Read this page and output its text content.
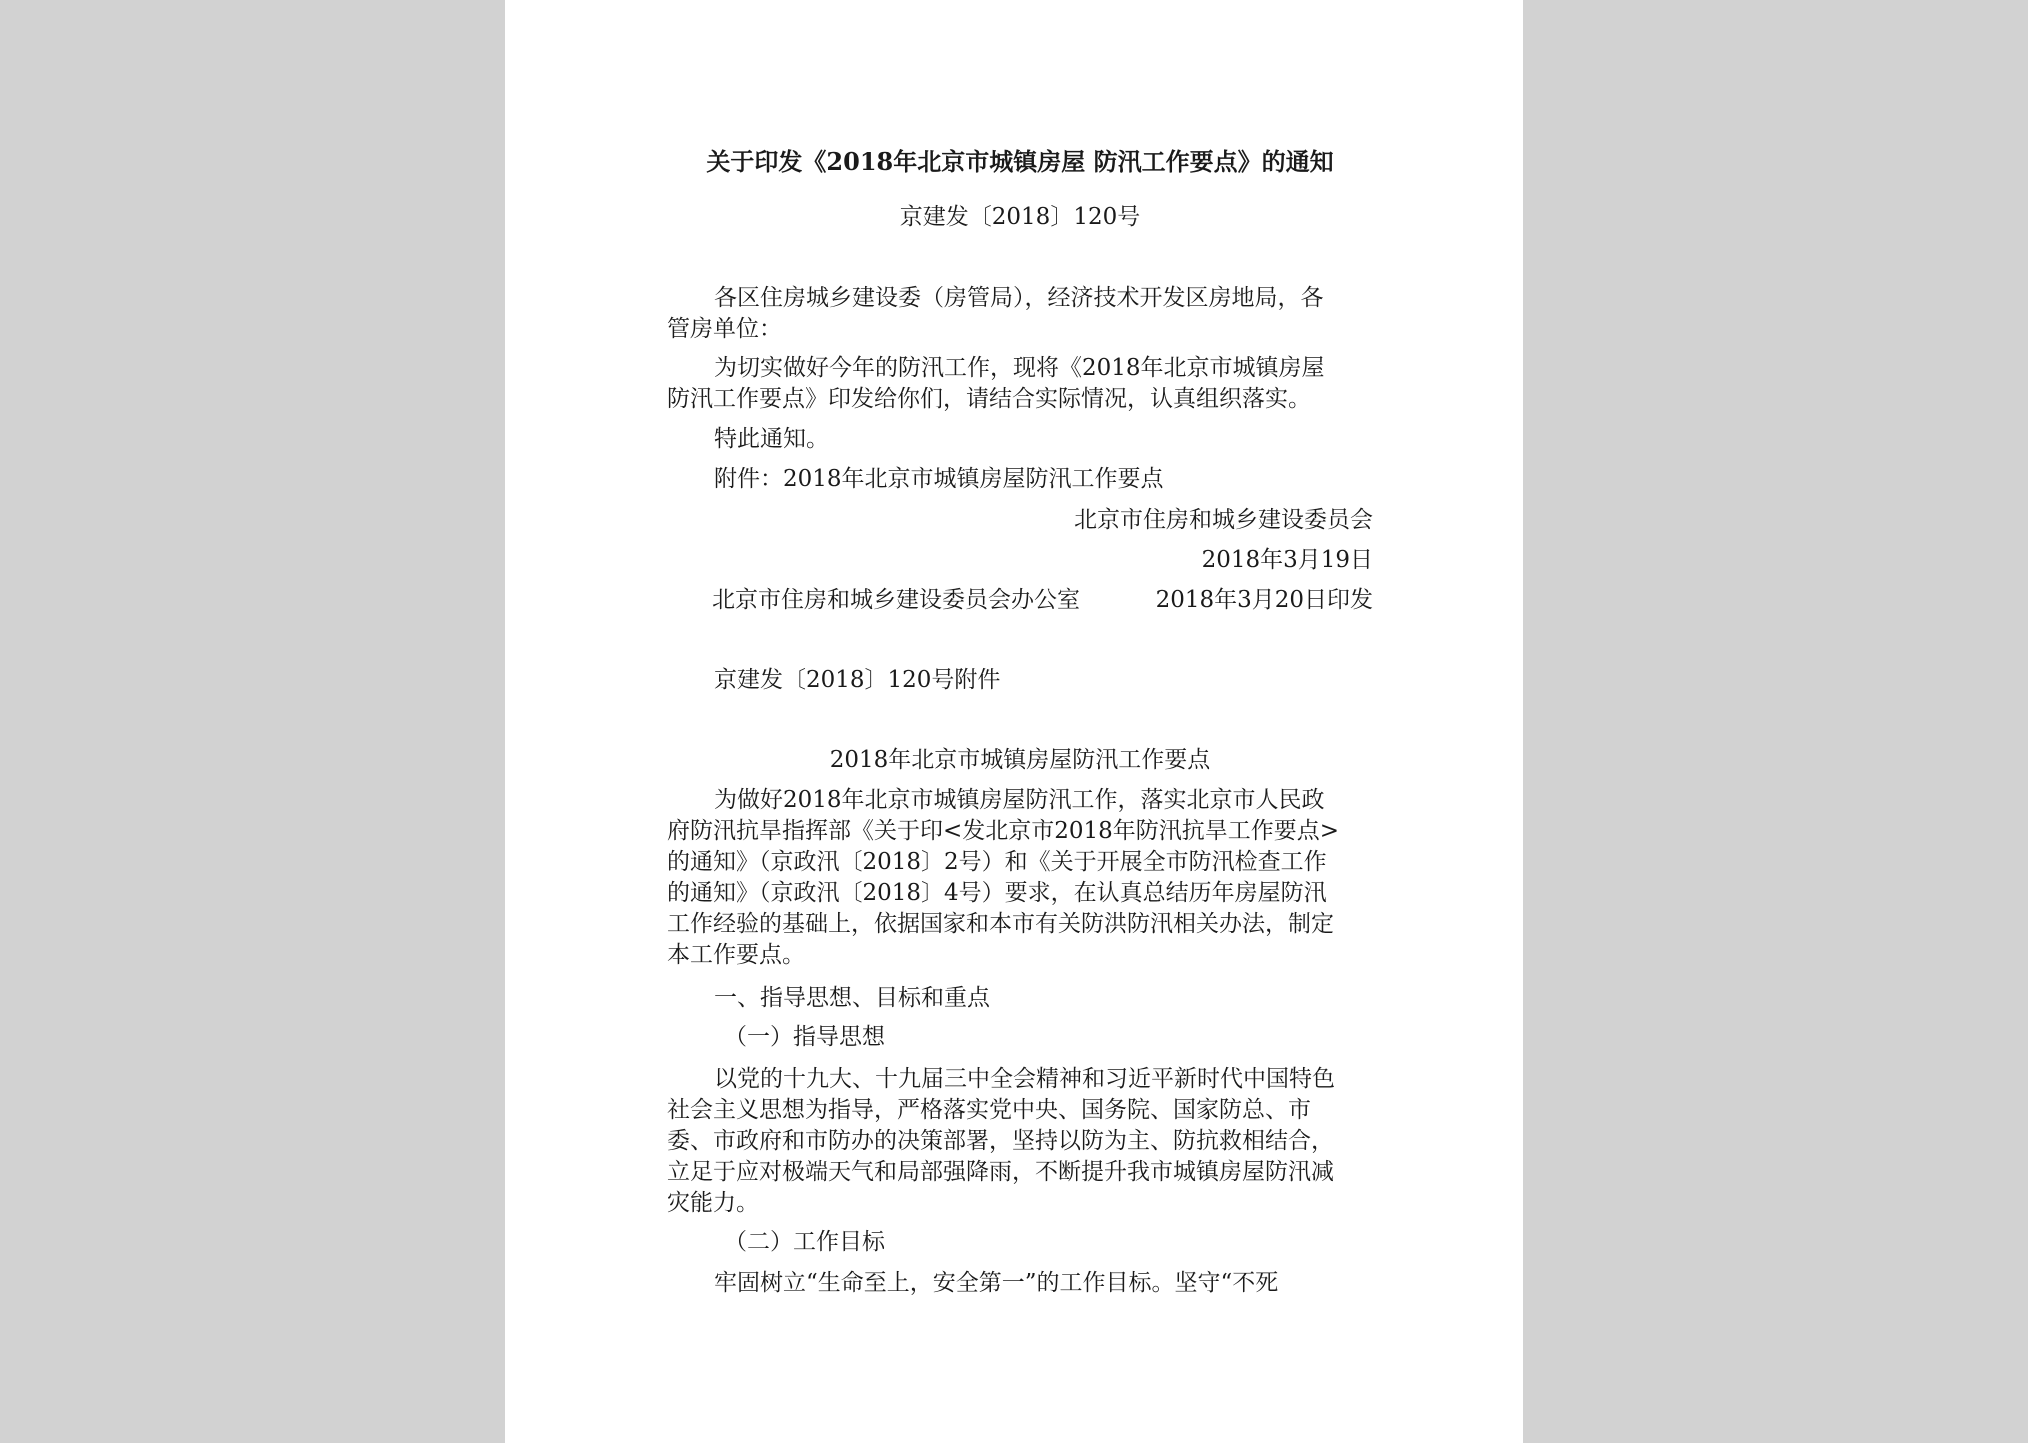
关于印发《2018年北京市城镇房屋 防汛工作要点》的通知
京建发〔2018〕120号
各区住房城乡建设委（房管局），经济技术开发区房地局，各
管房单位：
为切实做好今年的防汛工作，现将《2018年北京市城镇房屋
防汛工作要点》印发给你们，请结合实际情况，认真组织落实。
特此通知。
附件：2018年北京市城镇房屋防汛工作要点
北京市住房和城乡建设委员会
2018年3月19日
北京市住房和城乡建设委员会办公室	2018年3月20日印发
京建发〔2018〕120号附件
2018年北京市城镇房屋防汛工作要点
为做好2018年北京市城镇房屋防汛工作，落实北京市人民政
府防汛抗旱指挥部《关于印<发北京市2018年防汛抗旱工作要点>
的通知》（京政汛〔2018〕2号）和《关于开展全市防汛检查工作
的通知》（京政汛〔2018〕4号）要求，在认真总结历年房屋防汛
工作经验的基础上，依据国家和本市有关防洪防汛相关办法，制定
本工作要点。
一、指导思想、目标和重点
（一）指导思想
以党的十九大、十九届三中全会精神和习近平新时代中国特色
社会主义思想为指导，严格落实党中央、国务院、国家防总、市
委、市政府和市防办的决策部署，坚持以防为主、防抗救相结合，
立足于应对极端天气和局部强降雨，不断提升我市城镇房屋防汛减
灾能力。
（二）工作目标
牢固树立“生命至上，安全第一”的工作目标。坚守“不死
